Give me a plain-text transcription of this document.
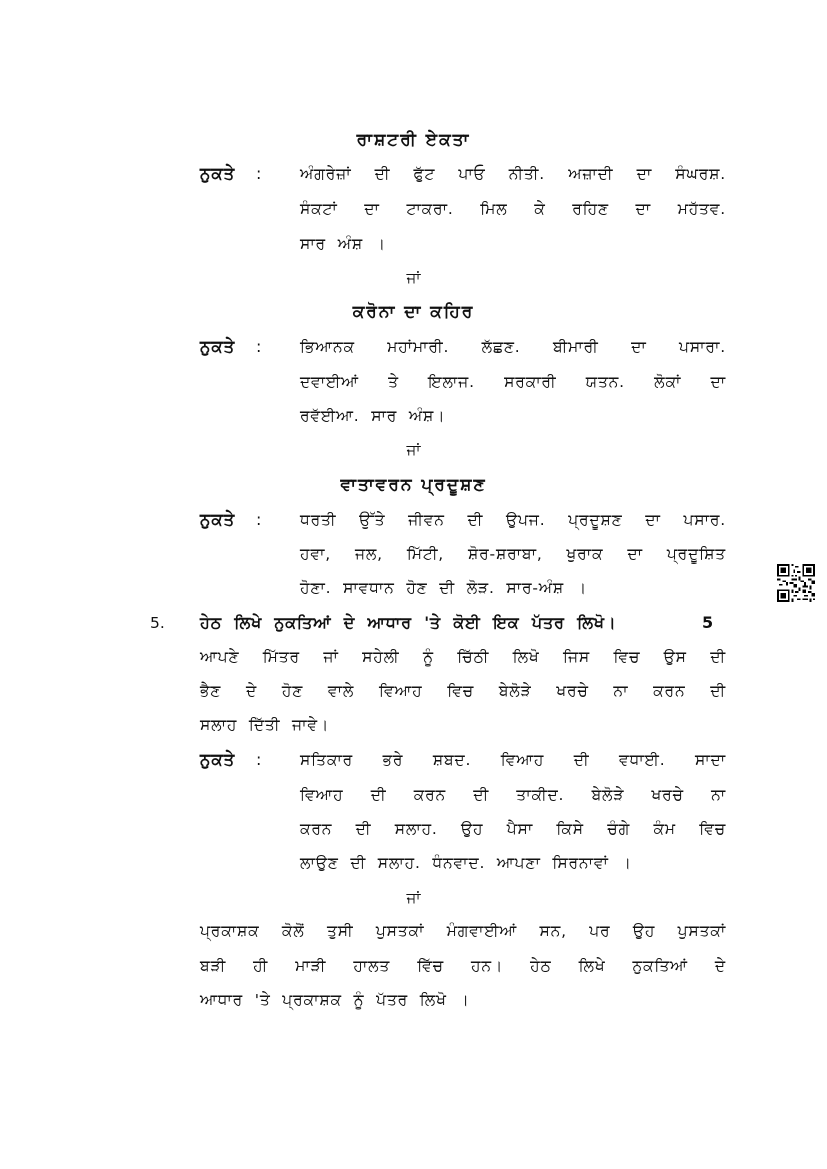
ਰਾਸ਼ਟਰੀ ਏਕਤਾ
ਨੁਕਤੇ : ਅੰਗਰੇਜ਼ਾਂ ਦੀ ਫੁੱਟ ਪਾਓ ਨੀਤੀ. ਅਜ਼ਾਦੀ ਦਾ ਸੰਘਰਸ਼.
ਸੰਕਟਾਂ ਦਾ ਟਾਕਰਾ. ਮਿਲ ਕੇ ਰਹਿਣ ਦਾ ਮਹੱਤਵ.
ਸਾਰ ਅੰਸ਼ ।
ਜਾਂ
ਕਰੋਨਾ ਦਾ ਕਹਿਰ
ਨੁਕਤੇ : ਭਿਆਨਕ ਮਹਾਂਮਾਰੀ. ਲੱਛਣ. ਬੀਮਾਰੀ ਦਾ ਪਸਾਰਾ.
ਦਵਾਈਆਂ ਤੇ ਇਲਾਜ. ਸਰਕਾਰੀ ਯਤਨ. ਲੋਕਾਂ ਦਾ
ਰਵੱਈਆ. ਸਾਰ ਅੰਸ਼।
ਜਾਂ
ਵਾਤਾਵਰਨ ਪ੍ਰਦੂਸ਼ਣ
ਨੁਕਤੇ : ਧਰਤੀ ਉੱਤੇ ਜੀਵਨ ਦੀ ਉਪਜ. ਪ੍ਰਦੂਸ਼ਣ ਦਾ ਪਸਾਰ.
ਹਵਾ, ਜਲ, ਮਿੱਟੀ, ਸ਼ੋਰ-ਸ਼ਰਾਬਾ, ਖੁਰਾਕ ਦਾ ਪ੍ਰਦੂਸ਼ਿਤ
ਹੋਣਾ. ਸਾਵਧਾਨ ਹੋਣ ਦੀ ਲੋੜ. ਸਾਰ-ਅੰਸ਼ ।
5. ਹੇਠ ਲਿਖੇ ਨੁਕਤਿਆਂ ਦੇ ਆਧਾਰ 'ਤੇ ਕੋਈ ਇਕ ਪੱਤਰ ਲਿਖੋ।	5
ਆਪਣੇ ਮਿੱਤਰ ਜਾਂ ਸਹੇਲੀ ਨੂੰ ਚਿੱਠੀ ਲਿਖੋ ਜਿਸ ਵਿਚ ਉਸ ਦੀ
ਭੈਣ ਦੇ ਹੋਣ ਵਾਲੇ ਵਿਆਹ ਵਿਚ ਬੇਲੋੜੇ ਖਰਚੇ ਨਾ ਕਰਨ ਦੀ
ਸਲਾਹ ਦਿੱਤੀ ਜਾਵੇ।
ਨੁਕਤੇ : ਸਤਿਕਾਰ ਭਰੇ ਸ਼ਬਦ. ਵਿਆਹ ਦੀ ਵਧਾਈ. ਸਾਦਾ
ਵਿਆਹ ਦੀ ਕਰਨ ਦੀ ਤਾਕੀਦ. ਬੇਲੋੜੇ ਖਰਚੇ ਨਾ
ਕਰਨ ਦੀ ਸਲਾਹ. ਉਹ ਪੈਸਾ ਕਿਸੇ ਚੰਗੇ ਕੰਮ ਵਿਚ
ਲਾਉਣ ਦੀ ਸਲਾਹ. ਧੰਨਵਾਦ. ਆਪਣਾ ਸਿਰਨਾਵਾਂ ।
ਜਾਂ
ਪ੍ਰਕਾਸ਼ਕ ਕੋਲੋਂ ਤੁਸੀ ਪੁਸਤਕਾਂ ਮੰਗਵਾਈਆਂ ਸਨ, ਪਰ ਉਹ ਪੁਸਤਕਾਂ
ਬੜੀ ਹੀ ਮਾੜੀ ਹਾਲਤ ਵਿੱਚ ਹਨ। ਹੇਠ ਲਿਖੇ ਨੁਕਤਿਆਂ ਦੇ
ਆਧਾਰ 'ਤੇ ਪ੍ਰਕਾਸ਼ਕ ਨੂੰ ਪੱਤਰ ਲਿਖੋ ।
